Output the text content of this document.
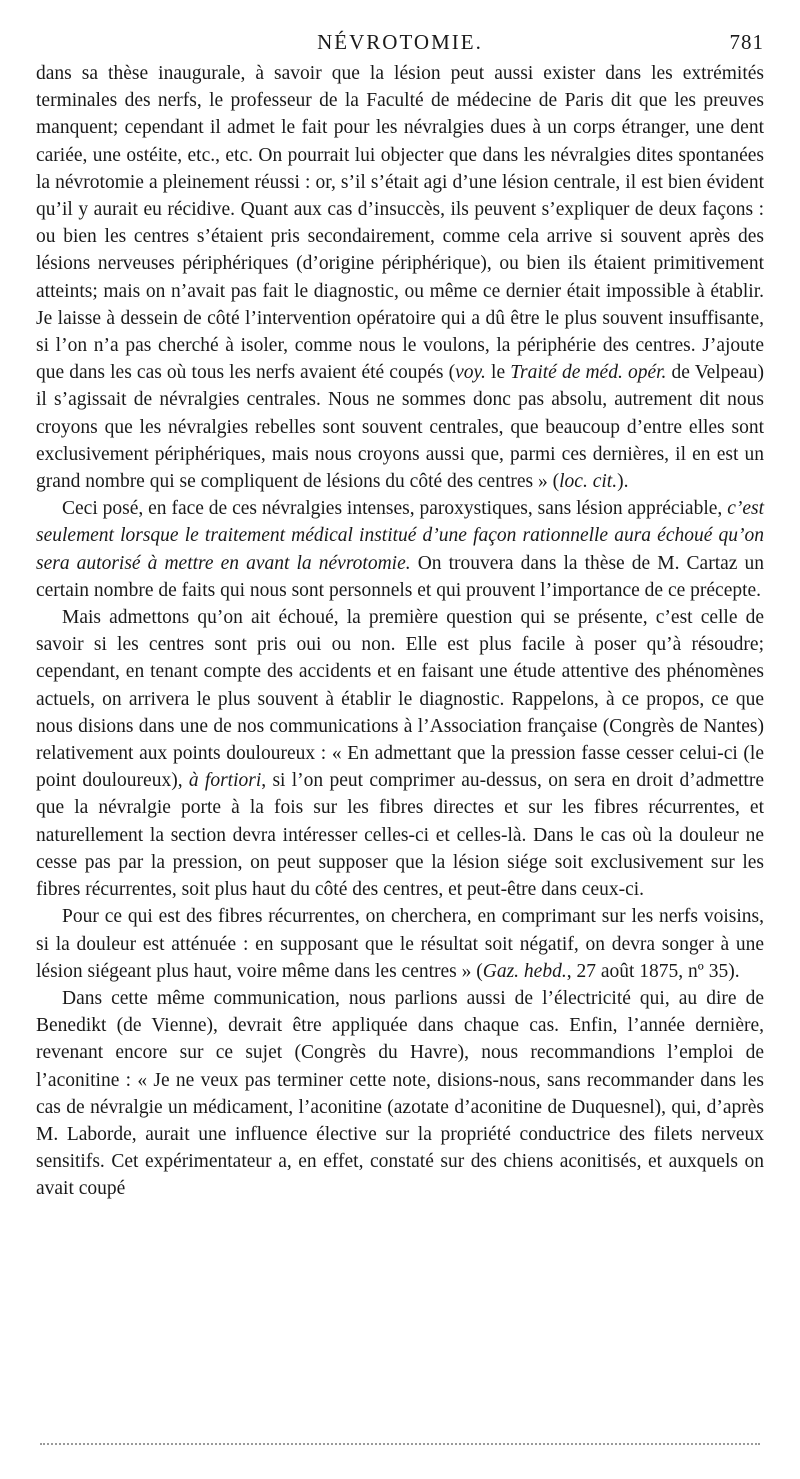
NÉVROTOMIE.	781

dans sa thèse inaugurale, à savoir que la lésion peut aussi exister dans les extrémités terminales des nerfs, le professeur de la Faculté de médecine de Paris dit que les preuves manquent; cependant il admet le fait pour les névralgies dues à un corps étranger, une dent cariée, une ostéite, etc., etc. On pourrait lui objecter que dans les névralgies dites spontanées la névrotomie a pleinement réussi : or, s’il s’était agi d’une lésion centrale, il est bien évident qu’il y aurait eu récidive. Quant aux cas d’insuccès, ils peuvent s’expliquer de deux façons : ou bien les centres s’étaient pris secondairement, comme cela arrive si souvent après des lésions nerveuses périphériques (d’origine périphérique), ou bien ils étaient primitivement atteints; mais on n’avait pas fait le diagnostic, ou même ce dernier était impossible à établir. Je laisse à dessein de côté l’intervention opératoire qui a dû être le plus souvent insuffisante, si l’on n’a pas cherché à isoler, comme nous le voulons, la périphérie des centres. J’ajoute que dans les cas où tous les nerfs avaient été coupés (voy. le Traité de méd. opér. de Velpeau) il s’agissait de névralgies centrales. Nous ne sommes donc pas absolu, autrement dit nous croyons que les névralgies rebelles sont souvent centrales, que beaucoup d’entre elles sont exclusivement périphériques, mais nous croyons aussi que, parmi ces dernières, il en est un grand nombre qui se compliquent de lésions du côté des centres » (loc. cit.).

Ceci posé, en face de ces névralgies intenses, paroxystiques, sans lésion appréciable, c’est seulement lorsque le traitement médical institué d’une façon rationnelle aura échoué qu’on sera autorisé à mettre en avant la névrotomie. On trouvera dans la thèse de M. Cartaz un certain nombre de faits qui nous sont personnels et qui prouvent l’importance de ce précepte.

Mais admettons qu’on ait échoué, la première question qui se présente, c’est celle de savoir si les centres sont pris oui ou non. Elle est plus facile à poser qu’à résoudre; cependant, en tenant compte des accidents et en faisant une étude attentive des phénomènes actuels, on arrivera le plus souvent à établir le diagnostic. Rappelons, à ce propos, ce que nous disions dans une de nos communications à l’Association française (Congrès de Nantes) relativement aux points douloureux : « En admettant que la pression fasse cesser celui-ci (le point douloureux), à fortiori, si l’on peut comprimer au-dessus, on sera en droit d’admettre que la névralgie porte à la fois sur les fibres directes et sur les fibres récurrentes, et naturellement la section devra intéresser celles-ci et celles-là. Dans le cas où la douleur ne cesse pas par la pression, on peut supposer que la lésion siége soit exclusivement sur les fibres récurrentes, soit plus haut du côté des centres, et peut-être dans ceux-ci.

Pour ce qui est des fibres récurrentes, on cherchera, en comprimant sur les nerfs voisins, si la douleur est atténuée : en supposant que le résultat soit négatif, on devra songer à une lésion siégeant plus haut, voire même dans les centres » (Gaz. hebd., 27 août 1875, nº 35).

Dans cette même communication, nous parlions aussi de l’électricité qui, au dire de Benedikt (de Vienne), devrait être appliquée dans chaque cas. Enfin, l’année dernière, revenant encore sur ce sujet (Congrès du Havre), nous recommandions l’emploi de l’aconitine : « Je ne veux pas terminer cette note, disions-nous, sans recommander dans les cas de névralgie un médicament, l’aconitine (azotate d’aconitine de Duquesnel), qui, d’après M. Laborde, aurait une influence élective sur la propriété conductrice des filets nerveux sensitifs. Cet expérimentateur a, en effet, constaté sur des chiens aconitisés, et auxquels on avait coupé
